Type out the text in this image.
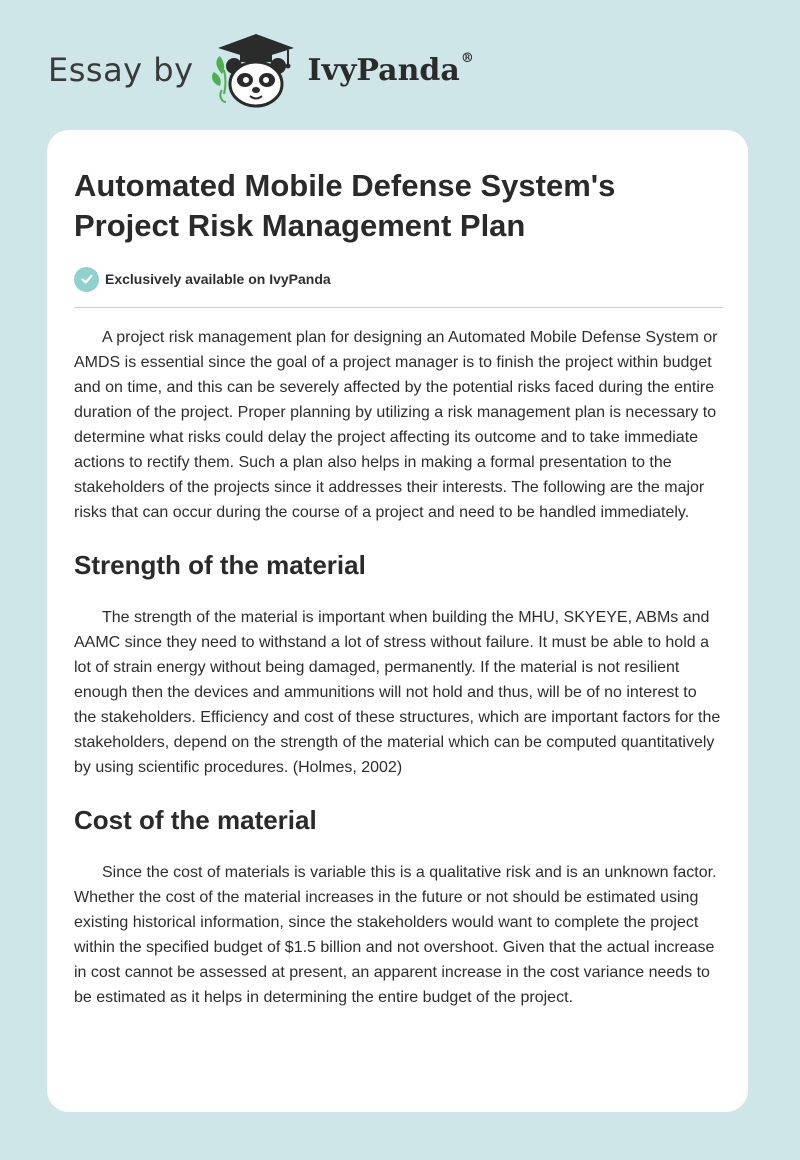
Essay by	IvyPanda®
Automated Mobile Defense System's Project Risk Management Plan
Exclusively available on IvyPanda

A project risk management plan for designing an Automated Mobile Defense System or AMDS is essential since the goal of a project manager is to finish the project within budget and on time, and this can be severely affected by the potential risks faced during the entire duration of the project. Proper planning by utilizing a risk management plan is necessary to determine what risks could delay the project affecting its outcome and to take immediate actions to rectify them. Such a plan also helps in making a formal presentation to the stakeholders of the projects since it addresses their interests. The following are the major risks that can occur during the course of a project and need to be handled immediately.

Strength of the material

The strength of the material is important when building the MHU, SKYEYE, ABMs and AAMC since they need to withstand a lot of stress without failure. It must be able to hold a lot of strain energy without being damaged, permanently. If the material is not resilient enough then the devices and ammunitions will not hold and thus, will be of no interest to the stakeholders. Efficiency and cost of these structures, which are important factors for the stakeholders, depend on the strength of the material which can be computed quantitatively by using scientific procedures. (Holmes, 2002)

Cost of the material

Since the cost of materials is variable this is a qualitative risk and is an unknown factor. Whether the cost of the material increases in the future or not should be estimated using existing historical information, since the stakeholders would want to complete the project within the specified budget of $1.5 billion and not overshoot. Given that the actual increase in cost cannot be assessed at present, an apparent increase in the cost variance needs to be estimated as it helps in determining the entire budget of the project.
